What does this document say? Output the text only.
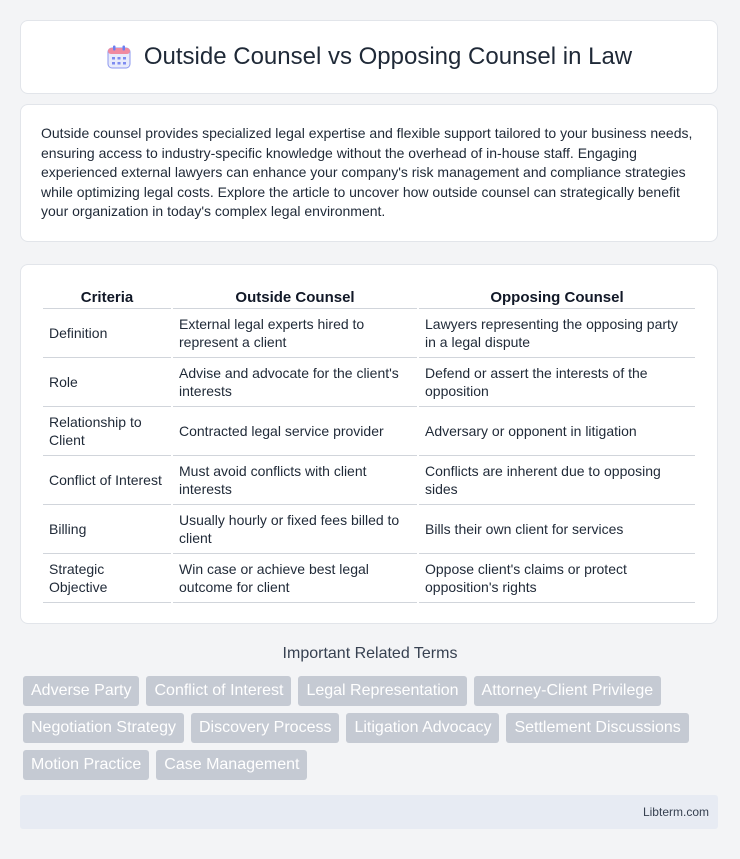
Outside Counsel vs Opposing Counsel in Law

Outside counsel provides specialized legal expertise and flexible support tailored to your business needs, ensuring access to industry-specific knowledge without the overhead of in-house staff. Engaging experienced external lawyers can enhance your company's risk management and compliance strategies while optimizing legal costs. Explore the article to uncover how outside counsel can strategically benefit your organization in today's complex legal environment.

Criteria	Outside Counsel	Opposing Counsel
Definition	External legal experts hired to represent a client	Lawyers representing the opposing party in a legal dispute
Role	Advise and advocate for the client's interests	Defend or assert the interests of the opposition
Relationship to Client	Contracted legal service provider	Adversary or opponent in litigation
Conflict of Interest	Must avoid conflicts with client interests	Conflicts are inherent due to opposing sides
Billing	Usually hourly or fixed fees billed to client	Bills their own client for services
Strategic Objective	Win case or achieve best legal outcome for client	Oppose client's claims or protect opposition's rights
Important Related Terms
Adverse Party	Conflict of Interest	Legal Representation	Attorney-Client Privilege
Negotiation Strategy	Discovery Process	Litigation Advocacy	Settlement Discussions
Motion Practice	Case Management
Libterm.com
